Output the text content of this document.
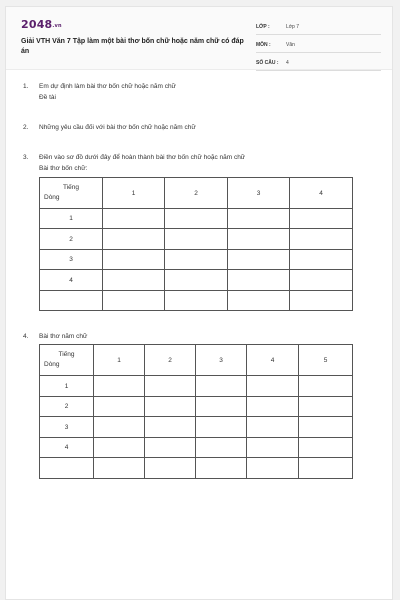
2048.vn
Giải VTH Văn 7 Tập làm một bài thơ bốn chữ hoặc năm chữ có đáp án
LỚP :	Lớp 7
MÔN :	Văn
SỐ CÂU : 4
1. Em dự định làm bài thơ bốn chữ hoặc năm chữ
Đề tài
2. Những yêu cầu đối với bài thơ bốn chữ hoặc năm chữ
3. Điền vào sơ đồ dưới đây để hoàn thành bài thơ bốn chữ hoặc năm chữ
Bài thơ bốn chữ:
Tiếng
Dòng	1	2	3	4
1				
2				
3				
4				

4. Bài thơ năm chữ
Tiếng
Dòng	1	2	3	4	5
1					
2					
3					
4					
